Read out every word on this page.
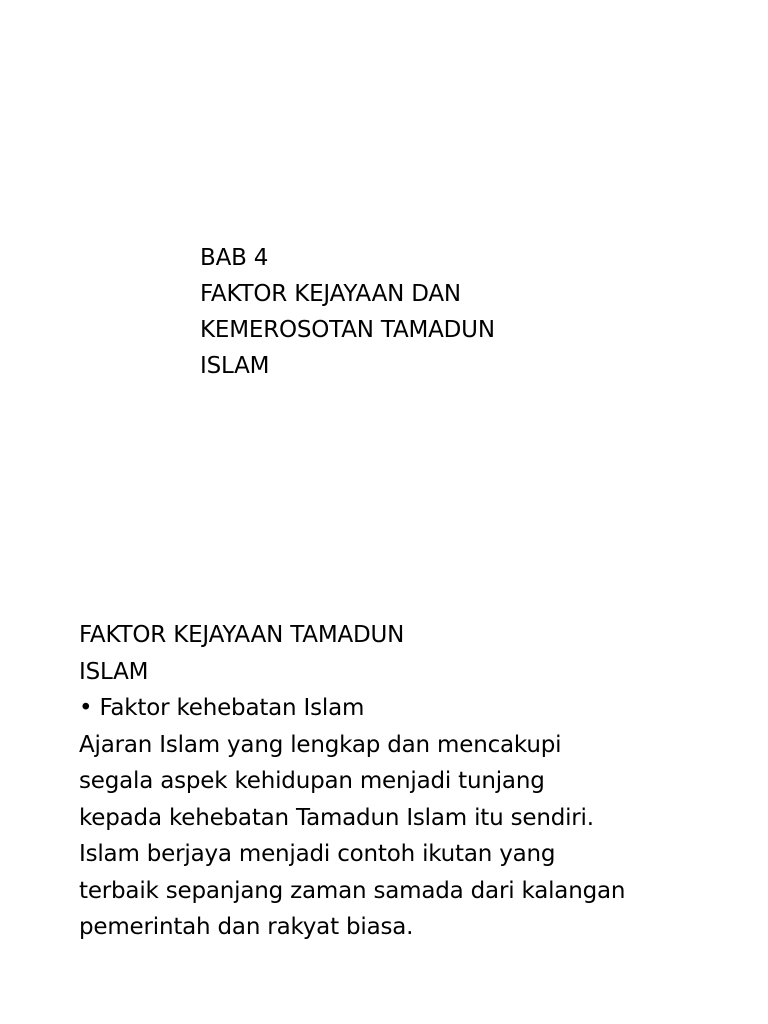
BAB 4
FAKTOR KEJAYAAN DAN
KEMEROSOTAN TAMADUN
ISLAM
FAKTOR KEJAYAAN TAMADUN
ISLAM
• Faktor kehebatan Islam
Ajaran Islam yang lengkap dan mencakupi
segala aspek kehidupan menjadi tunjang
kepada kehebatan Tamadun Islam itu sendiri.
Islam berjaya menjadi contoh ikutan yang
terbaik sepanjang zaman samada dari kalangan
pemerintah dan rakyat biasa.
